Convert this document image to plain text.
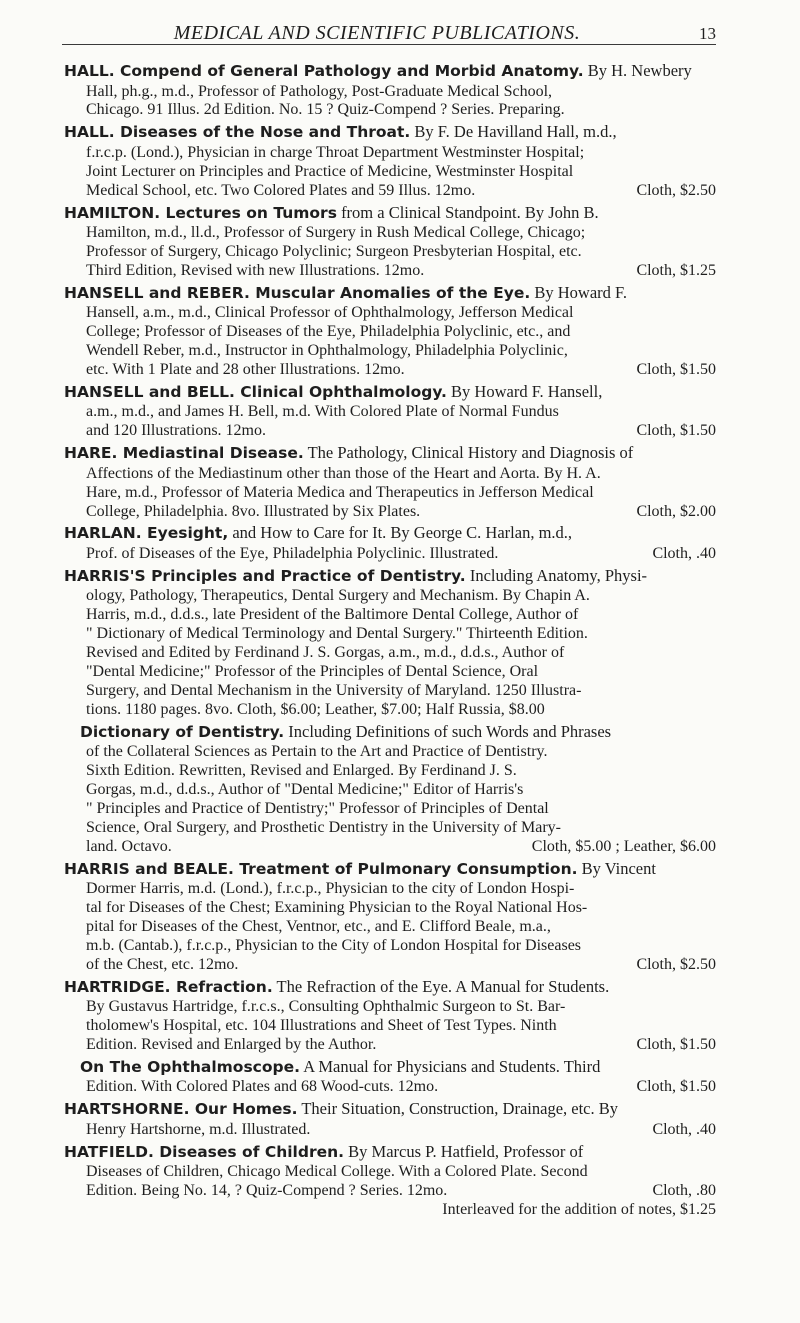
MEDICAL AND SCIENTIFIC PUBLICATIONS.	13
HALL. Compend of General Pathology and Morbid Anatomy. By H. Newbery
Hall, ph.g., m.d., Professor of Pathology, Post-Graduate Medical School,
Chicago. 91 Illus. 2d Edition. No. 15 ? Quiz-Compend ? Series. Preparing.
HALL. Diseases of the Nose and Throat. By F. De Havilland Hall, m.d.,
f.r.c.p. (Lond.), Physician in charge Throat Department Westminster Hospital;
Joint Lecturer on Principles and Practice of Medicine, Westminster Hospital
Medical School, etc. Two Colored Plates and 59 Illus. 12mo.	Cloth, $2.50
HAMILTON. Lectures on Tumors from a Clinical Standpoint. By John B.
Hamilton, m.d., ll.d., Professor of Surgery in Rush Medical College, Chicago;
Professor of Surgery, Chicago Polyclinic; Surgeon Presbyterian Hospital, etc.
Third Edition, Revised with new Illustrations. 12mo.	Cloth, $1.25
HANSELL and REBER. Muscular Anomalies of the Eye. By Howard F.
Hansell, a.m., m.d., Clinical Professor of Ophthalmology, Jefferson Medical
College; Professor of Diseases of the Eye, Philadelphia Polyclinic, etc., and
Wendell Reber, m.d., Instructor in Ophthalmology, Philadelphia Polyclinic,
etc. With 1 Plate and 28 other Illustrations. 12mo.	Cloth, $1.50
HANSELL and BELL. Clinical Ophthalmology. By Howard F. Hansell,
a.m., m.d., and James H. Bell, m.d. With Colored Plate of Normal Fundus
and 120 Illustrations. 12mo.	Cloth, $1.50
HARE. Mediastinal Disease. The Pathology, Clinical History and Diagnosis of
Affections of the Mediastinum other than those of the Heart and Aorta. By H. A.
Hare, m.d., Professor of Materia Medica and Therapeutics in Jefferson Medical
College, Philadelphia. 8vo. Illustrated by Six Plates.	Cloth, $2.00
HARLAN. Eyesight, and How to Care for It. By George C. Harlan, m.d.,
Prof. of Diseases of the Eye, Philadelphia Polyclinic. Illustrated.	Cloth, .40
HARRIS'S Principles and Practice of Dentistry. Including Anatomy, Physi-
ology, Pathology, Therapeutics, Dental Surgery and Mechanism. By Chapin A.
Harris, m.d., d.d.s., late President of the Baltimore Dental College, Author of
" Dictionary of Medical Terminology and Dental Surgery." Thirteenth Edition.
Revised and Edited by Ferdinand J. S. Gorgas, a.m., m.d., d.d.s., Author of
"Dental Medicine;" Professor of the Principles of Dental Science, Oral
Surgery, and Dental Mechanism in the University of Maryland. 1250 Illustra-
tions. 1180 pages. 8vo. Cloth, $6.00; Leather, $7.00; Half Russia, $8.00
Dictionary of Dentistry. Including Definitions of such Words and Phrases
of the Collateral Sciences as Pertain to the Art and Practice of Dentistry.
Sixth Edition. Rewritten, Revised and Enlarged. By Ferdinand J. S.
Gorgas, m.d., d.d.s., Author of "Dental Medicine;" Editor of Harris's
" Principles and Practice of Dentistry;" Professor of Principles of Dental
Science, Oral Surgery, and Prosthetic Dentistry in the University of Mary-
land. Octavo.	Cloth, $5.00 ; Leather, $6.00
HARRIS and BEALE. Treatment of Pulmonary Consumption. By Vincent
Dormer Harris, m.d. (Lond.), f.r.c.p., Physician to the city of London Hospi-
tal for Diseases of the Chest; Examining Physician to the Royal National Hos-
pital for Diseases of the Chest, Ventnor, etc., and E. Clifford Beale, m.a.,
m.b. (Cantab.), f.r.c.p., Physician to the City of London Hospital for Diseases
of the Chest, etc. 12mo.	Cloth, $2.50
HARTRIDGE. Refraction. The Refraction of the Eye. A Manual for Students.
By Gustavus Hartridge, f.r.c.s., Consulting Ophthalmic Surgeon to St. Bar-
tholomew's Hospital, etc. 104 Illustrations and Sheet of Test Types. Ninth
Edition. Revised and Enlarged by the Author.	Cloth, $1.50
On The Ophthalmoscope. A Manual for Physicians and Students. Third
Edition. With Colored Plates and 68 Wood-cuts. 12mo.	Cloth, $1.50
HARTSHORNE. Our Homes. Their Situation, Construction, Drainage, etc. By
Henry Hartshorne, m.d. Illustrated.	Cloth, .40
HATFIELD. Diseases of Children. By Marcus P. Hatfield, Professor of
Diseases of Children, Chicago Medical College. With a Colored Plate. Second
Edition. Being No. 14, ? Quiz-Compend ? Series. 12mo.	Cloth, .80
Interleaved for the addition of notes, $1.25
